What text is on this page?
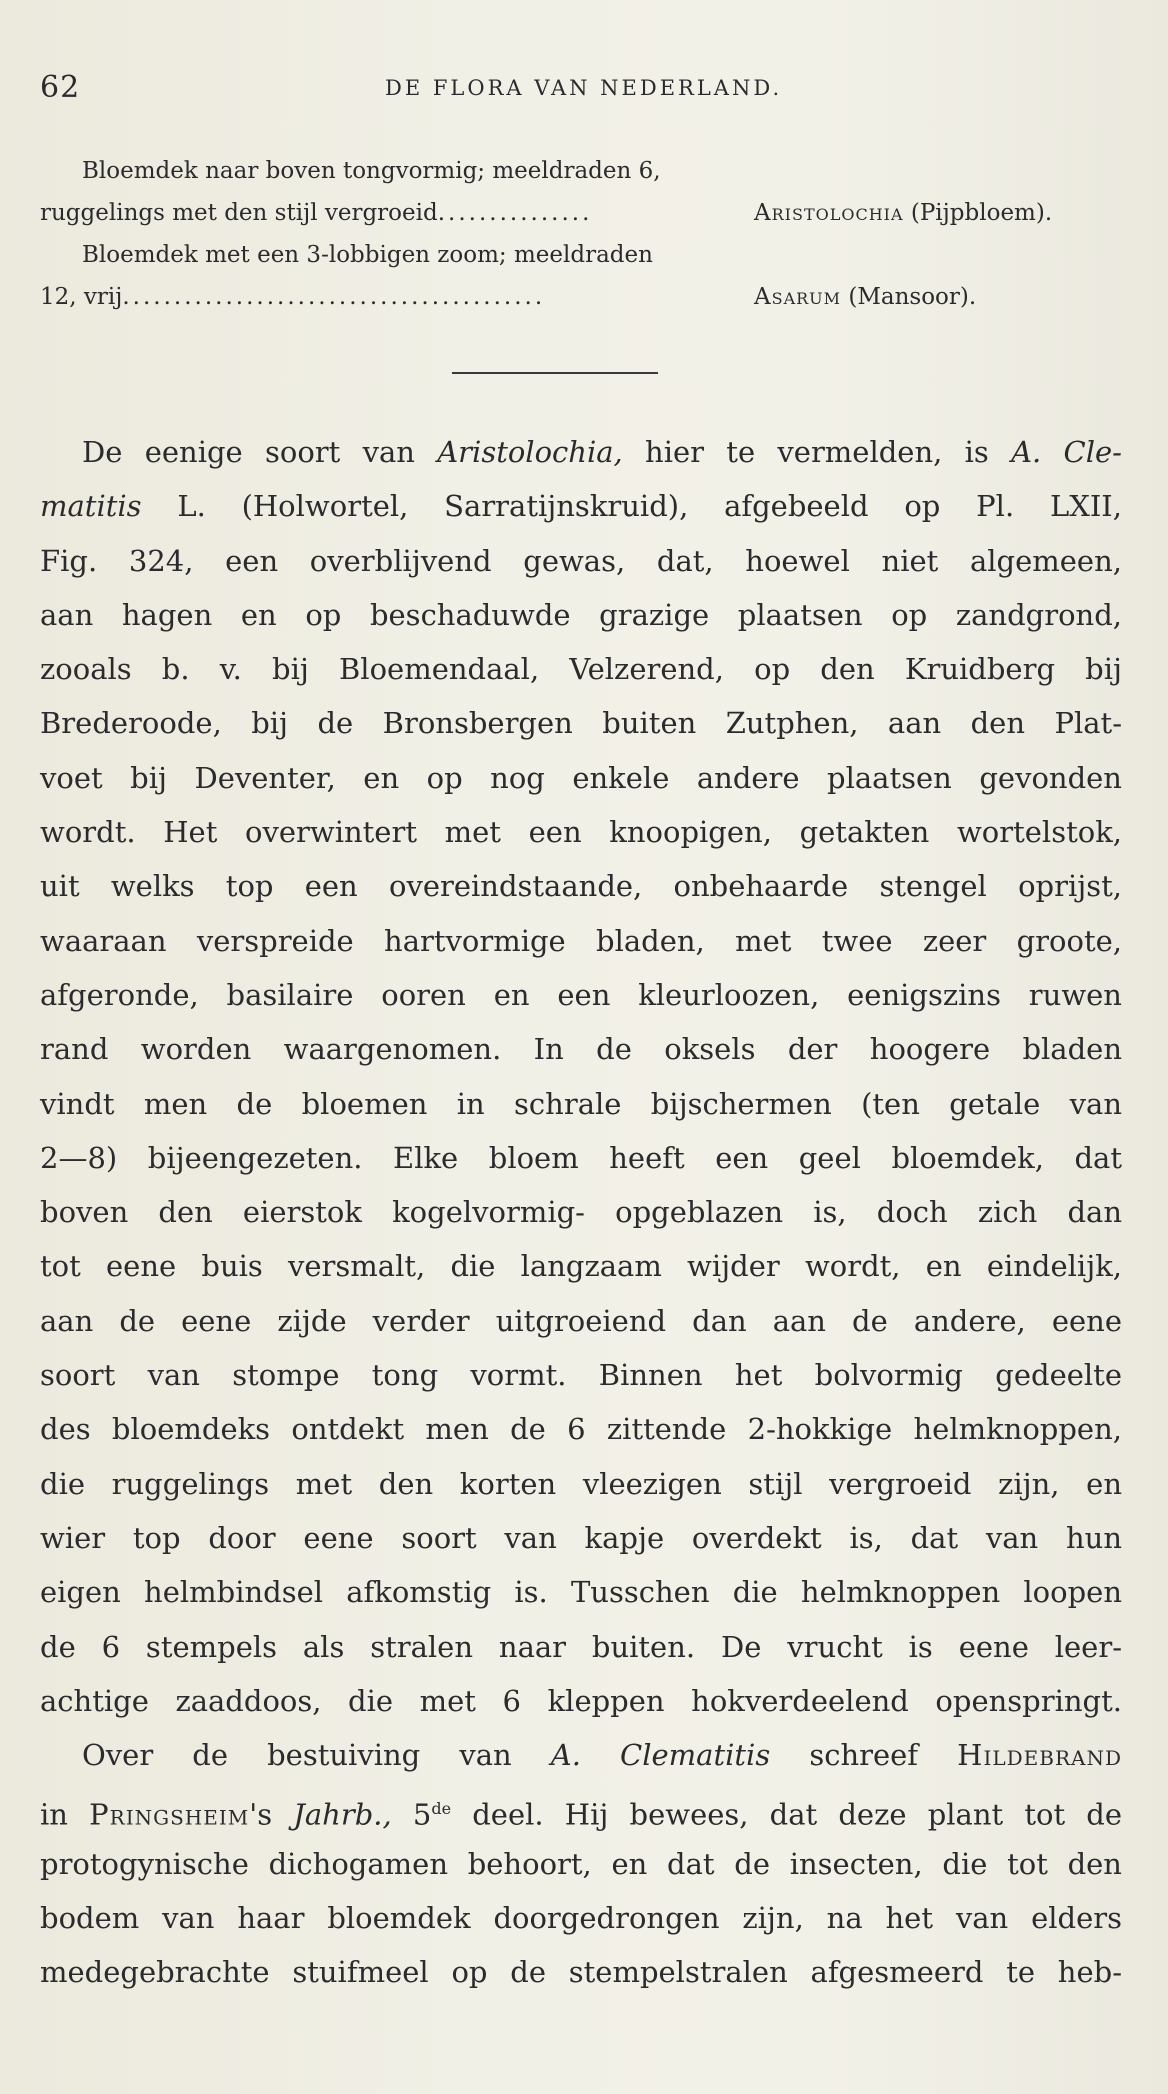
62	DE FLORA VAN NEDERLAND.
Bloemdek naar boven tongvormig; meeldraden 6,
ruggelings met den stijl vergroeid...............	Aristolochia (Pijpbloem).
Bloemdek met een 3-lobbigen zoom; meeldraden
12, vrij.........................................	Asarum (Mansoor).
De eenige soort van Aristolochia, hier te vermelden, is A. Cle-
matitis L. (Holwortel, Sarratijnskruid), afgebeeld op Pl. LXII,
Fig. 324, een overblijvend gewas, dat, hoewel niet algemeen,
aan hagen en op beschaduwde grazige plaatsen op zandgrond,
zooals b. v. bij Bloemendaal, Velzerend, op den Kruidberg bij
Brederoode, bij de Bronsbergen buiten Zutphen, aan den Plat-
voet bij Deventer, en op nog enkele andere plaatsen gevonden
wordt. Het overwintert met een knoopigen, getakten wortelstok,
uit welks top een overeindstaande, onbehaarde stengel oprijst,
waaraan verspreide hartvormige bladen, met twee zeer groote,
afgeronde, basilaire ooren en een kleurloozen, eenigszins ruwen
rand worden waargenomen. In de oksels der hoogere bladen
vindt men de bloemen in schrale bijschermen (ten getale van
2—8) bijeengezeten. Elke bloem heeft een geel bloemdek, dat
boven den eierstok kogelvormig- opgeblazen is, doch zich dan
tot eene buis versmalt, die langzaam wijder wordt, en eindelijk,
aan de eene zijde verder uitgroeiend dan aan de andere, eene
soort van stompe tong vormt. Binnen het bolvormig gedeelte
des bloemdeks ontdekt men de 6 zittende 2-hokkige helmknoppen,
die ruggelings met den korten vleezigen stijl vergroeid zijn, en
wier top door eene soort van kapje overdekt is, dat van hun
eigen helmbindsel afkomstig is. Tusschen die helmknoppen loopen
de 6 stempels als stralen naar buiten. De vrucht is eene leer-
achtige zaaddoos, die met 6 kleppen hokverdeelend openspringt.
Over de bestuiving van A. Clematitis schreef Hildebrand
in Pringsheim's Jahrb., 5de deel. Hij bewees, dat deze plant tot de
protogynische dichogamen behoort, en dat de insecten, die tot den
bodem van haar bloemdek doorgedrongen zijn, na het van elders
medegebrachte stuifmeel op de stempelstralen afgesmeerd te heb-
